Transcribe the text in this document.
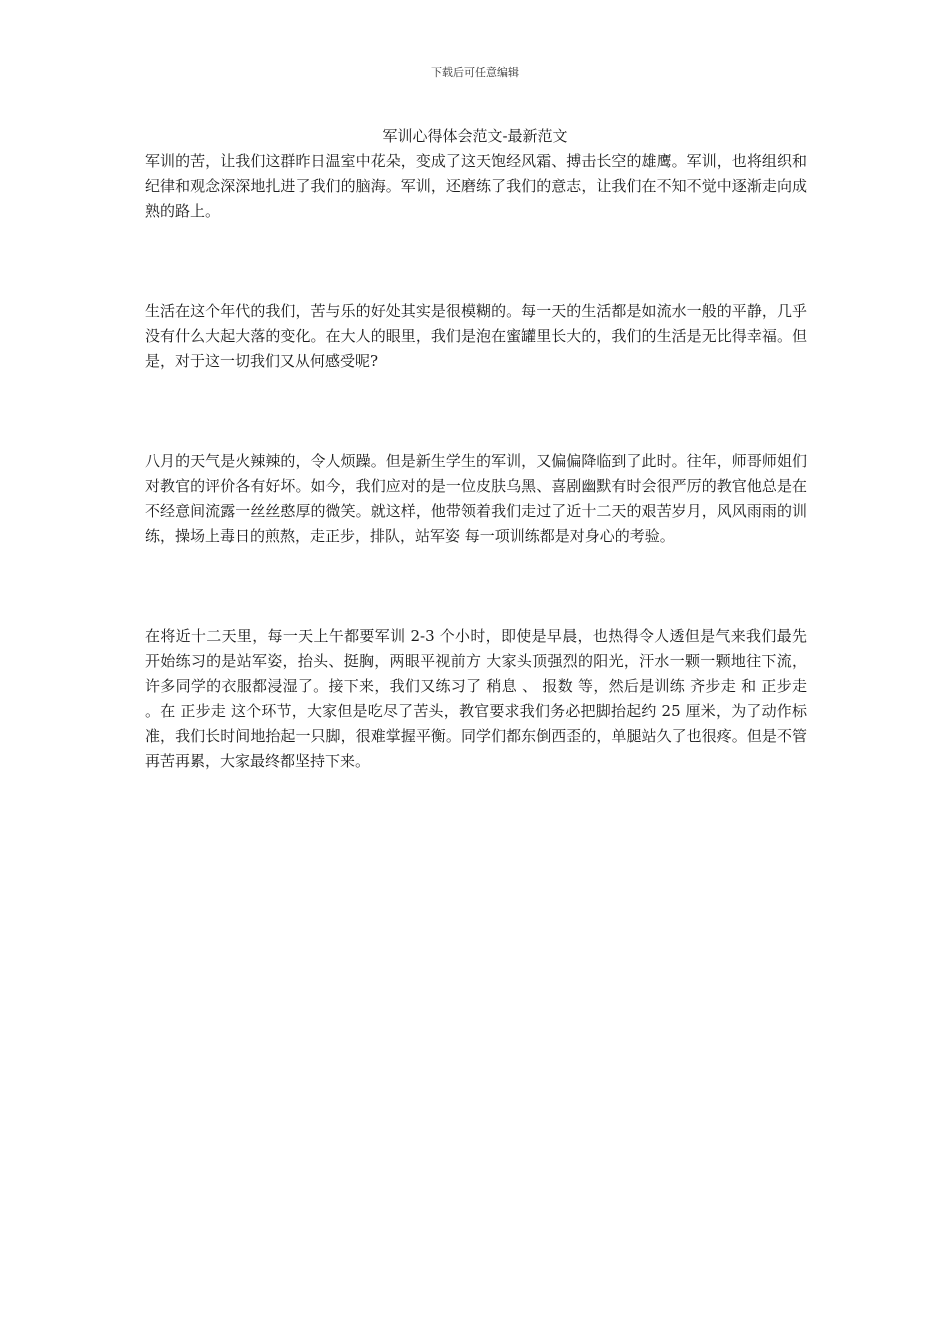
下载后可任意编辑
军训心得体会范文-最新范文

军训的苦，让我们这群昨日温室中花朵，变成了这天饱经风霜、搏击长空的雄鹰。军训，也将组织和纪律和观念深深地扎进了我们的脑海。军训，还磨练了我们的意志，让我们在不知不觉中逐渐走向成熟的路上。

生活在这个年代的我们，苦与乐的好处其实是很模糊的。每一天的生活都是如流水一般的平静，几乎没有什么大起大落的变化。在大人的眼里，我们是泡在蜜罐里长大的，我们的生活是无比得幸福。但是，对于这一切我们又从何感受呢?

八月的天气是火辣辣的，令人烦躁。但是新生学生的军训，又偏偏降临到了此时。往年，师哥师姐们对教官的评价各有好坏。如今，我们应对的是一位皮肤乌黑、喜剧幽默有时会很严厉的教官他总是在不经意间流露一丝丝憨厚的微笑。就这样，他带领着我们走过了近十二天的艰苦岁月，风风雨雨的训练，操场上毒日的煎熬，走正步，排队，站军姿 每一项训练都是对身心的考验。

在将近十二天里，每一天上午都要军训 2-3 个小时，即使是早晨，也热得令人透但是气来我们最先开始练习的是站军姿，抬头、挺胸，两眼平视前方 大家头顶强烈的阳光，汗水一颗一颗地往下流，许多同学的衣服都浸湿了。接下来，我们又练习了 稍息 、 报数 等，然后是训练 齐步走 和 正步走 。在 正步走 这个环节，大家但是吃尽了苦头，教官要求我们务必把脚抬起约 25 厘米，为了动作标准，我们长时间地抬起一只脚，很难掌握平衡。同学们都东倒西歪的，单腿站久了也很疼。但是不管再苦再累，大家最终都坚持下来。
